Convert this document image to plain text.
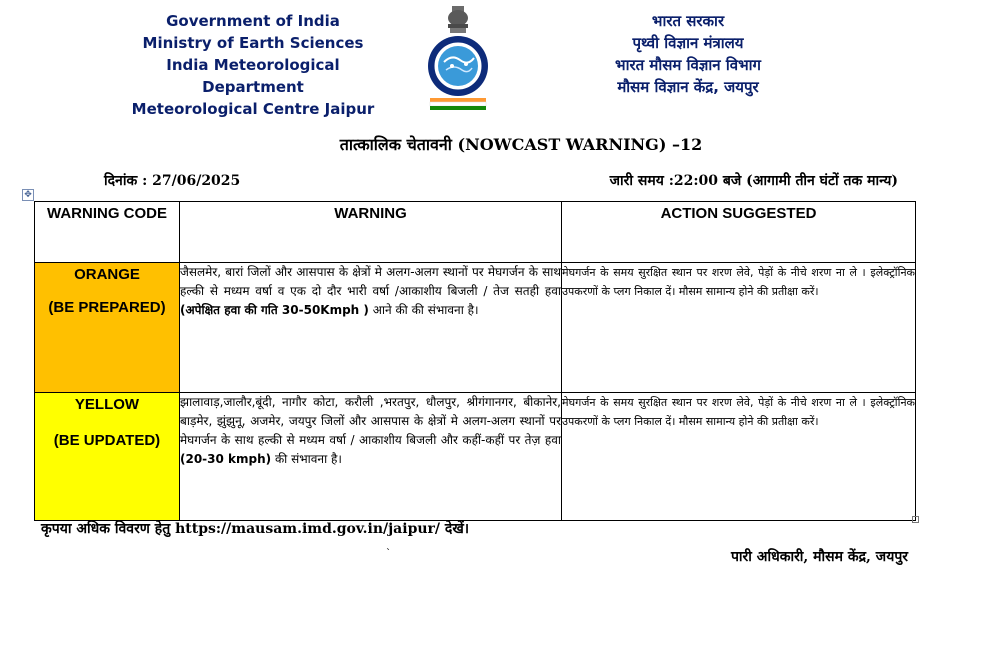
Government of India
Ministry of Earth Sciences
India Meteorological Department
Meteorological Centre Jaipur
भारत सरकार
पृथ्वी विज्ञान मंत्रालय
भारत मौसम विज्ञान विभाग
मौसम विज्ञान केंद्र, जयपुर
तात्कालिक चेतावनी (NOWCAST WARNING) –12
दिनांक : 27/06/2025	जारी समय :22:00 बजे (आगामी तीन घंटों तक मान्य)
✥
WARNING CODE	WARNING	ACTION SUGGESTED

ORANGE
(BE PREPARED)	जैसलमेर, बारां जिलों और आसपास के क्षेत्रों मे अलग-अलग स्थानों पर मेघगर्जन के साथ हल्की से मध्यम वर्षा व एक दो दौर भारी वर्षा /आकाशीय बिजली / तेज सतही हवा (अपेक्षित हवा की गति 30-50Kmph ) आने की की संभावना है।	मेघगर्जन के समय सुरक्षित स्थान पर शरण लेवे, पेड़ों के नीचे शरण ना ले । इलेक्ट्रॉनिक उपकरणों के प्लग निकाल दें। मौसम सामान्य होने की प्रतीक्षा करें।

YELLOW
(BE UPDATED)	झालावाड़,जालौर,बूंदी, नागौर कोटा, करौली ,भरतपुर, धौलपुर, श्रीगंगानगर, बीकानेर, बाड़मेर, झुंझुनू, अजमेर, जयपुर जिलों और आसपास के क्षेत्रों मे अलग-अलग स्थानों पर मेघगर्जन के साथ हल्की से मध्यम वर्षा / आकाशीय बिजली और कहीं-कहीं पर तेज़ हवा (20-30 kmph) की संभावना है।	मेघगर्जन के समय सुरक्षित स्थान पर शरण लेवे, पेड़ों के नीचे शरण ना ले । इलेक्ट्रॉनिक उपकरणों के प्लग निकाल दें। मौसम सामान्य होने की प्रतीक्षा करें।
कृपया अधिक विवरण हेतु https://mausam.imd.gov.in/jaipur/ देखें।
`	पारी अधिकारी, मौसम केंद्र, जयपुर
